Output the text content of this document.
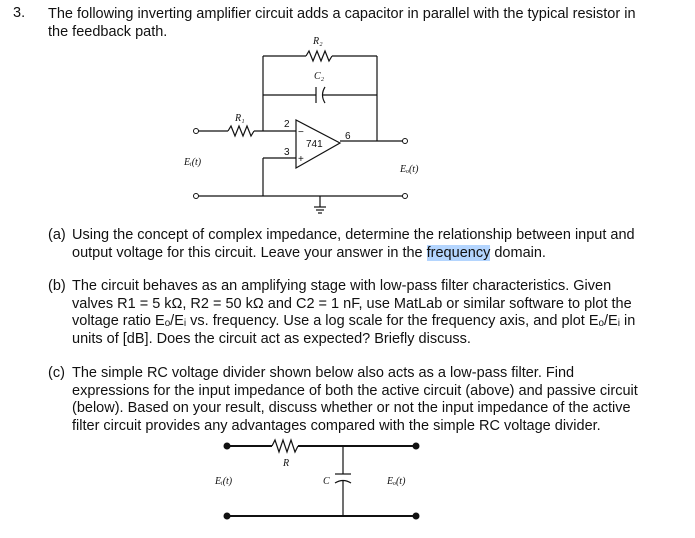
3. The following inverting amplifier circuit adds a capacitor in parallel with the typical resistor in
the feedback path.
R₂
C₂
R₁
2
3
6
741
−
+
Eᵢ(t)
Eₒ(t)
R
C
Eᵢ(t)	Eₒ(t)
(a) Using the concept of complex impedance, determine the relationship between input and
output voltage for this circuit. Leave your answer in the frequency domain.
(b) The circuit behaves as an amplifying stage with low-pass filter characteristics. Given
valves R1 = 5 kΩ, R2 = 50 kΩ and C2 = 1 nF, use MatLab or similar software to plot the
voltage ratio Eₒ/Eᵢ vs. frequency. Use a log scale for the frequency axis, and plot Eₒ/Eᵢ in
units of [dB]. Does the circuit act as expected? Briefly discuss.
(c) The simple RC voltage divider shown below also acts as a low-pass filter. Find
expressions for the input impedance of both the active circuit (above) and passive circuit
(below). Based on your result, discuss whether or not the input impedance of the active
filter circuit provides any advantages compared with the simple RC voltage divider.
